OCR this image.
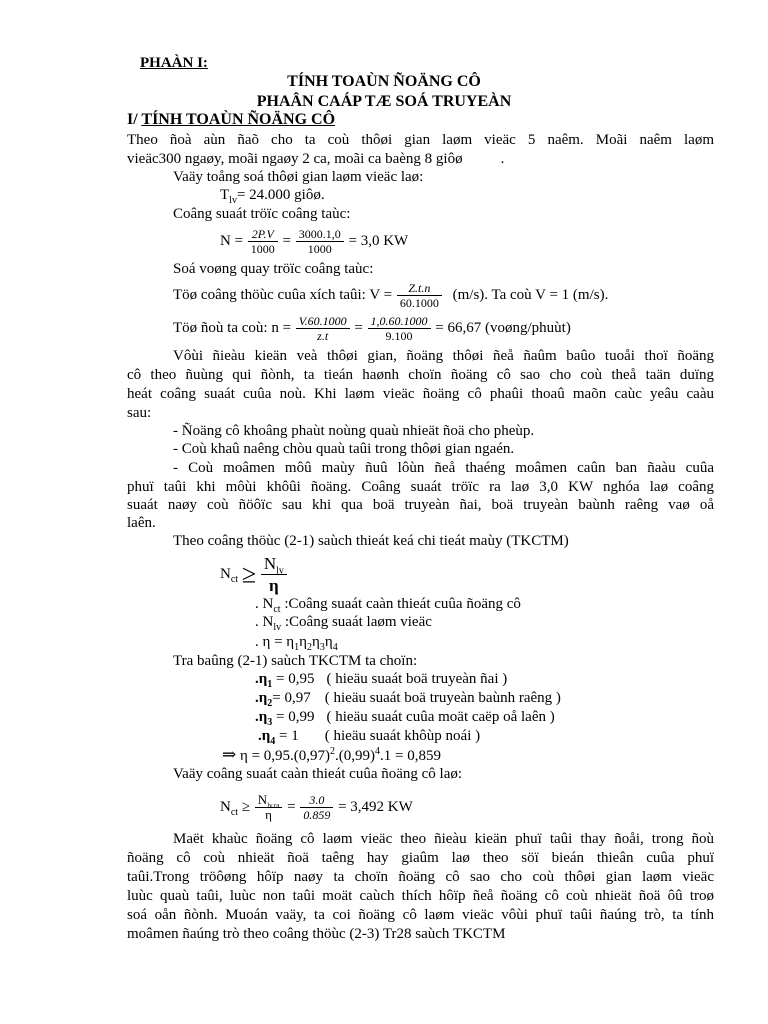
PHAÀN I:
TÍNH TOAÙN ÑOÄNG CÔ
PHAÂN CAÁP TÆ SOÁ TRUYEÀN
I/ TÍNH TOAÙN ÑOÄNG CÔ
Theo ñoà aùn ñaõ cho ta coù thôøi gian laøm vieäc 5 naêm. Moãi naêm laøm
vieäc300 ngaøy, moãi ngaøy 2 ca, moãi ca baèng 8 giôø	.
Vaäy toång soá thôøi gian laøm vieäc laø:
$T_{lv}= 24.000$ giôø.
Coâng suaát tröïc coâng taùc:
$N = \frac{2P.V}{1000} = \frac{3000.1,0}{1000} = 3,0$ KW
Soá voøng quay tröïc coâng taùc:
Töø coâng thöùc cuûa xích taûi: $V = \frac{Z.t.n}{60.1000} (m/s)$. Ta coù V = 1 (m/s).
Töø ñoù ta coù: $n = \frac{V.60.1000}{z.t} = \frac{1,0.60.1000}{9.100} = 66,67$ (voøng/phuùt)
Vôùi ñieàu kieän veà thôøi gian, ñoäng thôøi ñeå ñaûm baûo tuoåi thoï ñoäng
cô theo ñuùng qui ñònh, ta tieán haønh choïn ñoäng cô sao cho coù theå taän duïng
heát coâng suaát cuûa noù. Khi laøm vieäc ñoäng cô phaûi thoaû maõn caùc yeâu caàu
sau:
- Ñoäng cô khoâng phaùt noùng quaù nhieät ñoä cho pheùp.
- Coù khaû naêng chòu quaù taûi trong thôøi gian ngaén.
- Coù moâmen môû maùy ñuû lôùn ñeå thaéng moâmen caûn ban ñaàu cuûa
phuï taûi khi môùi khôûi ñoäng. Coâng suaát tröïc ra laø 3,0 KW nghóa laø coâng
suaát naøy coù ñöôïc sau khi qua boä truyeàn ñai, boä truyeàn baùnh raêng vaø oå
laên.
Theo coâng thöùc (2-1) saùch thieát keá chi tieát maùy (TKCTM)
$N_{ct} \ge \frac{N_{lv}}{\eta}$
. $N_{ct}$ :Coâng suaát caàn thieát cuûa ñoäng cô
. $N_{lv}$ :Coâng suaát laøm vieäc
. $\eta = \eta_1\eta_2\eta_3\eta_4$
Tra baûng (2-1) saùch TKCTM ta choïn:
$.\eta_1 = 0,95$ ( hieäu suaát boä truyeàn ñai )
$.\eta_2= 0,97$ ( hieäu suaát boä truyeàn baùnh raêng )
$.\eta_3 = 0,99$ ( hieäu suaát cuûa moät caëp oå laên )
$.\eta_4 = 1$ ( hieäu suaát khôùp noái )
⇒ $\eta = 0,95.(0,97)^2.(0,99)^4.1 = 0,859$
Vaäy coâng suaát caàn thieát cuûa ñoäng cô laø:
$N_{ct} \ge \frac{N_{lv.ra}}{\eta} = \frac{3.0}{0.859} = 3,492$ KW
Maët khaùc ñoäng cô laøm vieäc theo ñieàu kieän phuï taûi thay ñoåi, trong ñoù
ñoäng cô coù nhieät ñoä taêng hay giaûm laø theo söï bieán thieân cuûa phuï
taûi.Trong tröôøng hôïp naøy ta choïn ñoäng cô sao cho coù thôøi gian laøm vieäc
luùc quaù taûi, luùc non taûi moät caùch thích hôïp ñeå ñoäng cô coù nhieät ñoä ôû troø
soá oån ñònh. Muoán vaäy, ta coi ñoäng cô laøm vieäc vôùi phuï taûi ñaúng trò, ta tính
moâmen ñaúng trò theo coâng thöùc (2-3) Tr28 saùch TKCTM
